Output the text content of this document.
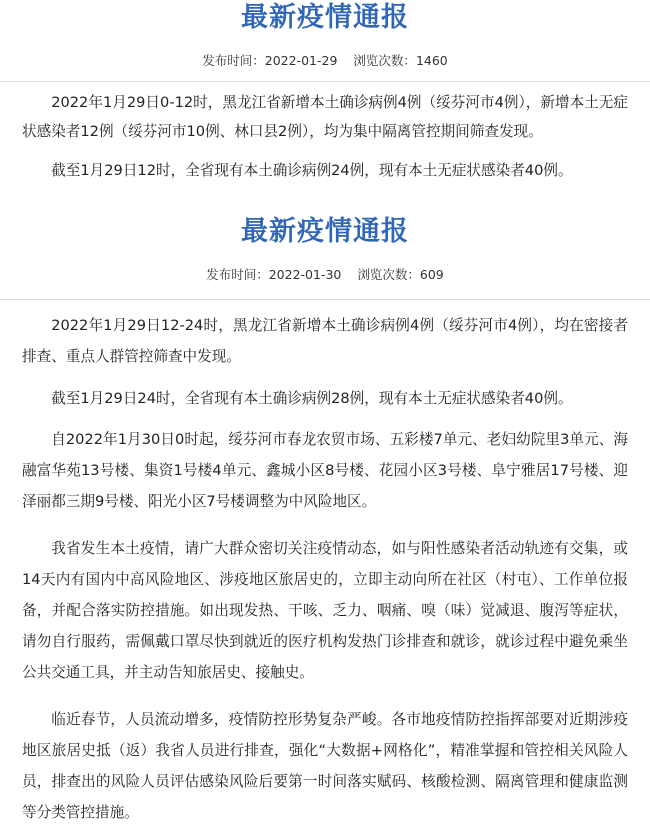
最新疫情通报
发布时间：2022-01-29 浏览次数：1460

2022年1月29日0-12时，黑龙江省新增本土确诊病例4例（绥芬河市4例），新增本土无症状感染者12例（绥芬河市10例、林口县2例），均为集中隔离管控期间筛查发现。

截至1月29日12时，全省现有本土确诊病例24例，现有本土无症状感染者40例。

最新疫情通报
发布时间：2022-01-30 浏览次数：609

2022年1月29日12-24时，黑龙江省新增本土确诊病例4例（绥芬河市4例），均在密接者排查、重点人群管控筛查中发现。

截至1月29日24时，全省现有本土确诊病例28例，现有本土无症状感染者40例。

自2022年1月30日0时起，绥芬河市春龙农贸市场、五彩楼7单元、老妇幼院里3单元、海融富华苑13号楼、集资1号楼4单元、鑫城小区8号楼、花园小区3号楼、阜宁雅居17号楼、迎泽丽都三期9号楼、阳光小区7号楼调整为中风险地区。

我省发生本土疫情，请广大群众密切关注疫情动态，如与阳性感染者活动轨迹有交集，或14天内有国内中高风险地区、涉疫地区旅居史的，立即主动向所在社区（村屯）、工作单位报备，并配合落实防控措施。如出现发热、干咳、乏力、咽痛、嗅（味）觉减退、腹泻等症状，请勿自行服药，需佩戴口罩尽快到就近的医疗机构发热门诊排查和就诊，就诊过程中避免乘坐公共交通工具，并主动告知旅居史、接触史。

临近春节，人员流动增多，疫情防控形势复杂严峻。各市地疫情防控指挥部要对近期涉疫地区旅居史抵（返）我省人员进行排查，强化“大数据+网格化”，精准掌握和管控相关风险人员，排查出的风险人员评估感染风险后要第一时间落实赋码、核酸检测、隔离管理和健康监测等分类管控措施。
